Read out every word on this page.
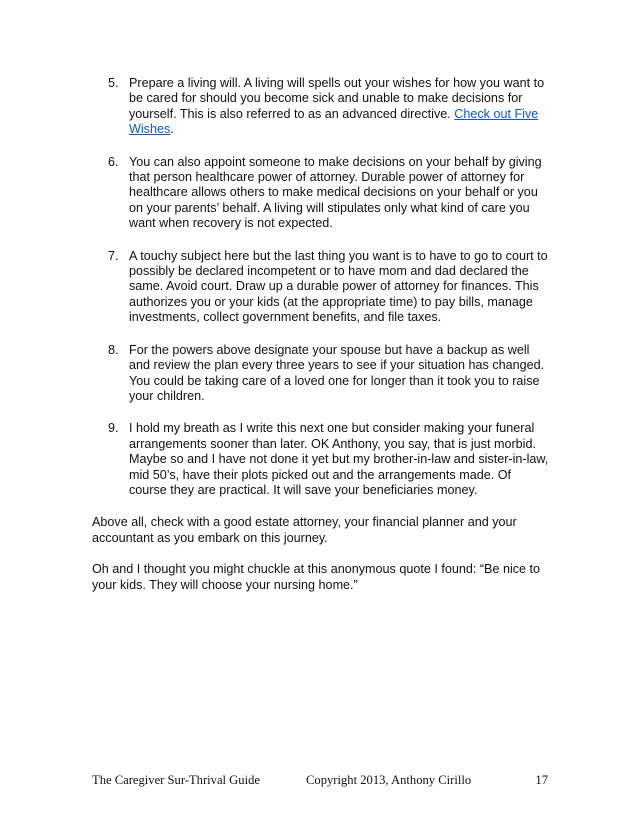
5. Prepare a living will. A living will spells out your wishes for how you want to be cared for should you become sick and unable to make decisions for yourself. This is also referred to as an advanced directive. Check out Five Wishes.
6. You can also appoint someone to make decisions on your behalf by giving that person healthcare power of attorney. Durable power of attorney for healthcare allows others to make medical decisions on your behalf or you on your parents’ behalf. A living will stipulates only what kind of care you want when recovery is not expected.
7. A touchy subject here but the last thing you want is to have to go to court to possibly be declared incompetent or to have mom and dad declared the same. Avoid court. Draw up a durable power of attorney for finances. This authorizes you or your kids (at the appropriate time) to pay bills, manage investments, collect government benefits, and file taxes.
8. For the powers above designate your spouse but have a backup as well and review the plan every three years to see if your situation has changed. You could be taking care of a loved one for longer than it took you to raise your children.
9. I hold my breath as I write this next one but consider making your funeral arrangements sooner than later. OK Anthony, you say, that is just morbid. Maybe so and I have not done it yet but my brother-in-law and sister-in-law, mid 50’s, have their plots picked out and the arrangements made. Of course they are practical. It will save your beneficiaries money.

Above all, check with a good estate attorney, your financial planner and your accountant as you embark on this journey.

Oh and I thought you might chuckle at this anonymous quote I found: “Be nice to your kids. They will choose your nursing home.”

The Caregiver Sur-Thrival Guide	Copyright 2013, Anthony Cirillo	17
